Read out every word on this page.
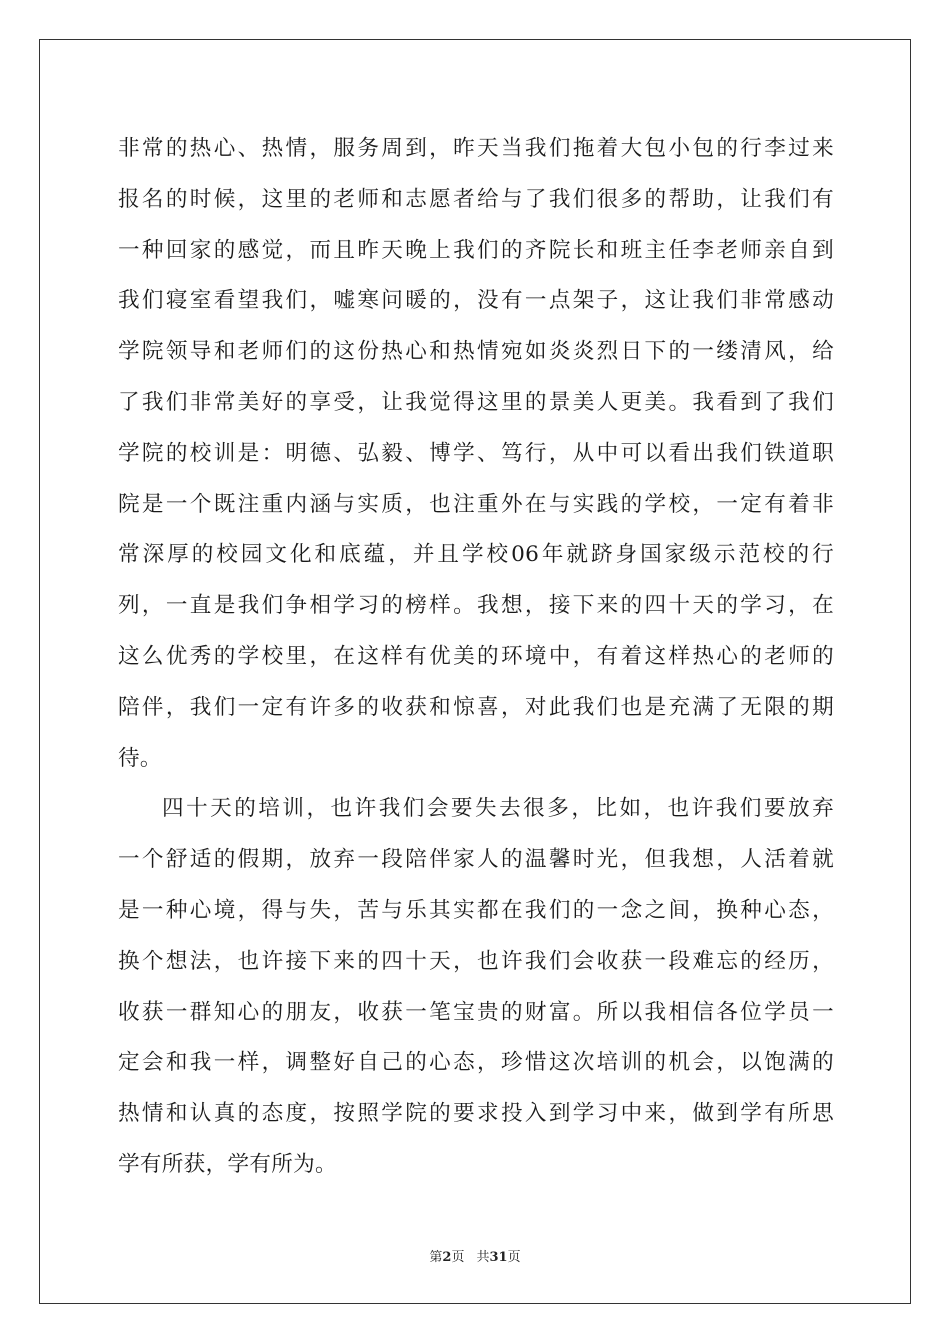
非常的热心、热情，服务周到，昨天当我们拖着大包小包的行李过来
报名的时候，这里的老师和志愿者给与了我们很多的帮助，让我们有
一种回家的感觉，而且昨天晚上我们的齐院长和班主任李老师亲自到
我们寝室看望我们，嘘寒问暖的，没有一点架子，这让我们非常感动
学院领导和老师们的这份热心和热情宛如炎炎烈日下的一缕清风，给
了我们非常美好的享受，让我觉得这里的景美人更美。我看到了我们
学院的校训是：明德、弘毅、博学、笃行，从中可以看出我们铁道职
院是一个既注重内涵与实质，也注重外在与实践的学校，一定有着非
常深厚的校园文化和底蕴，并且学校06年就跻身国家级示范校的行
列，一直是我们争相学习的榜样。我想，接下来的四十天的学习，在
这么优秀的学校里，在这样有优美的环境中，有着这样热心的老师的
陪伴，我们一定有许多的收获和惊喜，对此我们也是充满了无限的期
待。
四十天的培训，也许我们会要失去很多，比如，也许我们要放弃
一个舒适的假期，放弃一段陪伴家人的温馨时光，但我想，人活着就
是一种心境，得与失，苦与乐其实都在我们的一念之间，换种心态，
换个想法，也许接下来的四十天，也许我们会收获一段难忘的经历，
收获一群知心的朋友，收获一笔宝贵的财富。所以我相信各位学员一
定会和我一样，调整好自己的心态，珍惜这次培训的机会，以饱满的
热情和认真的态度，按照学院的要求投入到学习中来，做到学有所思
学有所获，学有所为。
第2页 共31页
